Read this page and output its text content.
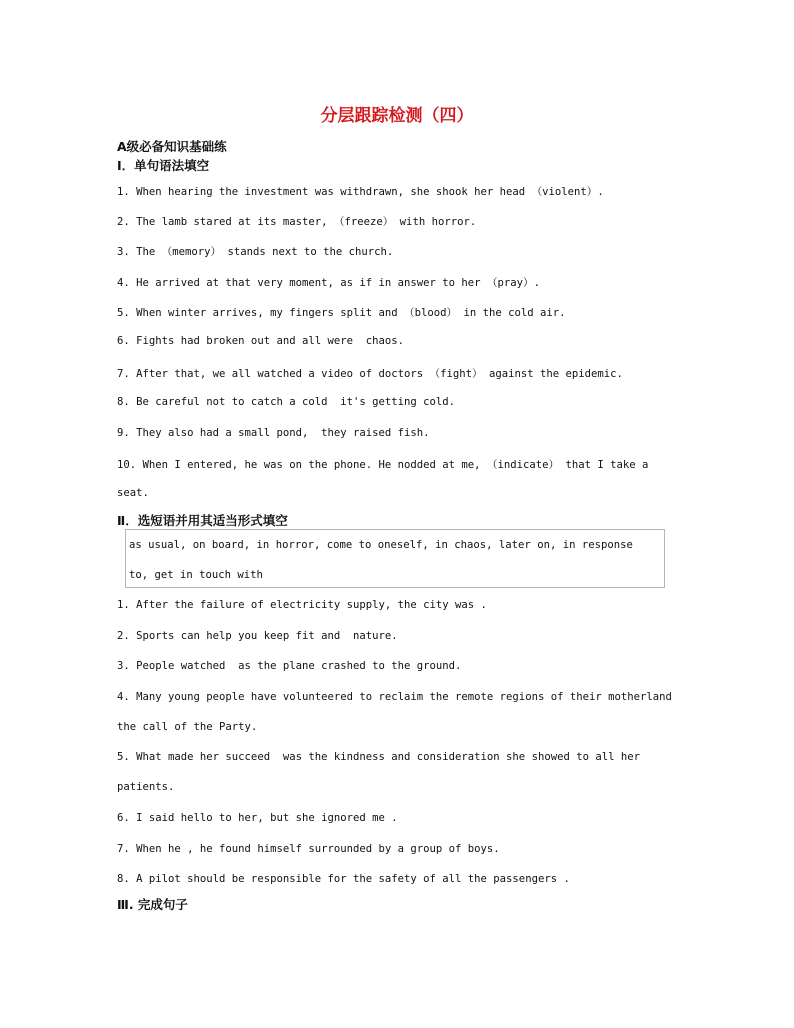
分层跟踪检测（四）
A级必备知识基础练
Ⅰ．单句语法填空
1. When hearing the investment was withdrawn, she shook her head （violent）.
2. The lamb stared at its master, （freeze） with horror.
3. The （memory） stands next to the church.
4. He arrived at that very moment, as if in answer to her （pray）.
5. When winter arrives, my fingers split and （blood） in the cold air.
6. Fights had broken out and all were  chaos.
7. After that, we all watched a video of doctors （fight） against the epidemic.
8. Be careful not to catch a cold  it's getting cold.
9. They also had a small pond,  they raised fish.
10. When I entered, he was on the phone. He nodded at me, （indicate） that I take a
seat.
Ⅱ．选短语并用其适当形式填空
as usual, on board, in horror, come to oneself, in chaos, later on, in response
to, get in touch with
1. After the failure of electricity supply, the city was .
2. Sports can help you keep fit and  nature.
3. People watched  as the plane crashed to the ground.
4. Many young people have volunteered to reclaim the remote regions of their motherland
the call of the Party.
5. What made her succeed  was the kindness and consideration she showed to all her
patients.
6. I said hello to her, but she ignored me .
7. When he , he found himself surrounded by a group of boys.
8. A pilot should be responsible for the safety of all the passengers .
Ⅲ. 完成句子
